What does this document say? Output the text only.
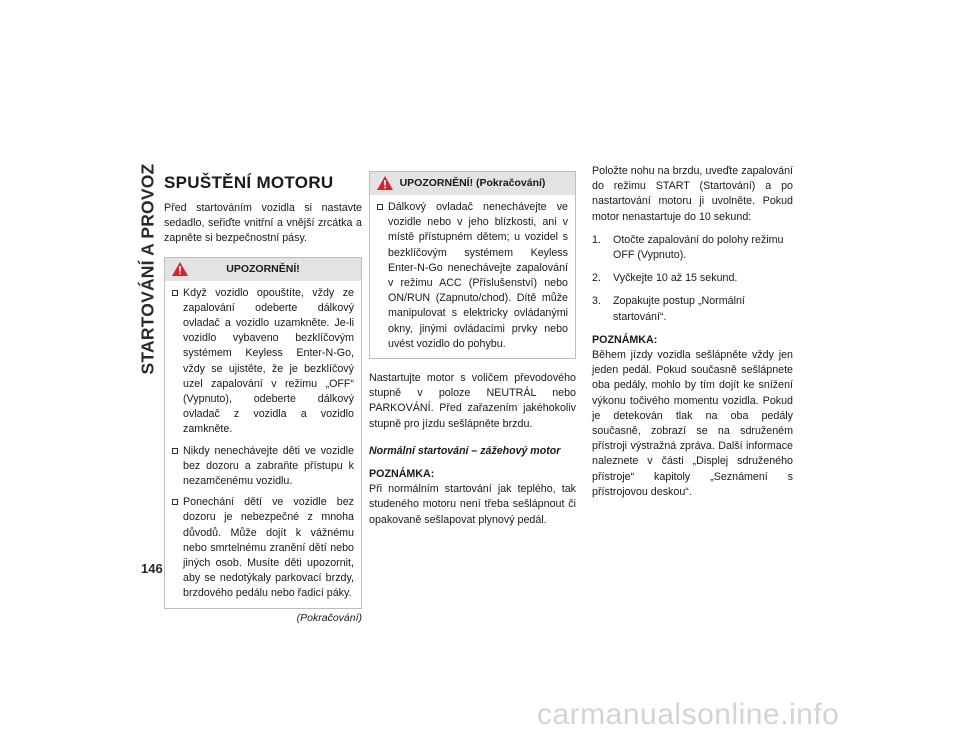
STARTOVÁNÍ A PROVOZ
146
SPUŠTĚNÍ MOTORU

Před startováním vozidla si nastavte sedadlo, seřiďte vnitřní a vnější zrcátka a zapněte si bezpečnostní pásy.

UPOZORNĚNÍ!
Když vozidlo opouštíte, vždy ze zapalování odeberte dálkový ovladač a vozidlo uzamkněte. Je-li vozidlo vybaveno bezklíčovým systémem Keyless Enter-N-Go, vždy se ujistěte, že je bezklíčový uzel zapalování v režimu „OFF“ (Vypnuto), odeberte dálkový ovladač z vozidla a vozidlo zamkněte.
Nikdy nenechávejte děti ve vozidle bez dozoru a zabraňte přístupu k nezamčenému vozidlu.
Ponechání dětí ve vozidle bez dozoru je nebezpečné z mnoha důvodů. Může dojít k vážnému nebo smrtelnému zranění dětí nebo jiných osob. Musíte děti upozornit, aby se nedotýkaly parkovací brzdy, brzdového pedálu nebo řadicí páky.
(Pokračování)
UPOZORNĚNÍ! (Pokračování)
Dálkový ovladač nenechávejte ve vozidle nebo v jeho blízkosti, ani v místě přístupném dětem; u vozidel s bezklíčovým systémem Keyless Enter-N-Go nenechávejte zapalování v režimu ACC (Příslušenství) nebo ON/RUN (Zapnuto/chod). Dítě může manipulovat s elektricky ovládanými okny, jinými ovládacími prvky nebo uvést vozidlo do pohybu.

Nastartujte motor s voličem převodového stupně v poloze NEUTRÁL nebo PARKOVÁNÍ. Před zařazením jakéhokoliv stupně pro jízdu sešlápněte brzdu.

Normální startování – zážehový motor
POZNÁMKA:

Při normálním startování jak teplého, tak studeného motoru není třeba sešlápnout či opakovaně sešlapovat plynový pedál.

Položte nohu na brzdu, uveďte zapalování do režimu START (Startování) a po nastartování motoru ji uvolněte. Pokud motor nenastartuje do 10 sekund:

1. Otočte zapalování do polohy režimu OFF (Vypnuto).
2. Vyčkejte 10 až 15 sekund.
3. Zopakujte postup „Normální startování“.
POZNÁMKA:

Během jízdy vozidla sešlápněte vždy jen jeden pedál. Pokud současně sešlápnete oba pedály, mohlo by tím dojít ke snížení výkonu točivého momentu vozidla. Pokud je detekován tlak na oba pedály současně, zobrazí se na sdruženém přístroji výstražná zpráva. Další informace naleznete v části „Displej sdruženého přístroje“ kapitoly „Seznámení s přístrojovou deskou“.

carmanualsonline.info
